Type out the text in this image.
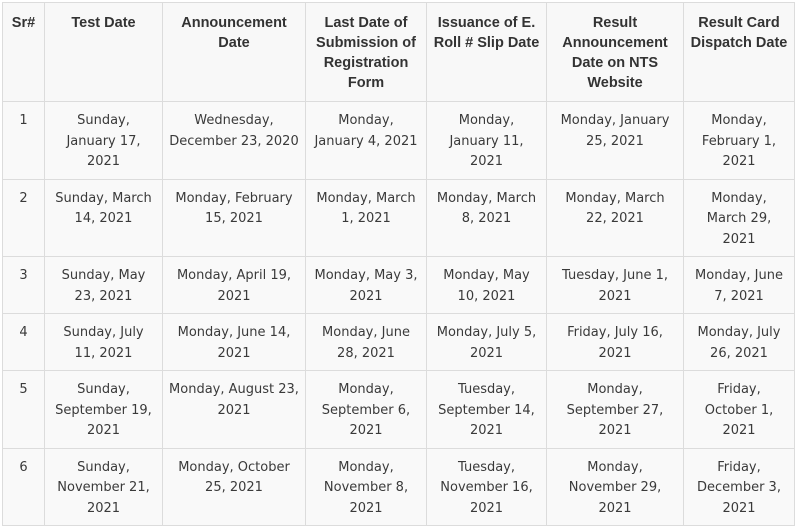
Sr#	Test Date	Announcement Date	Last Date of Submission of Registration Form	Issuance of E. Roll # Slip Date	Result Announcement Date on NTS Website	Result Card Dispatch Date
1	Sunday, January 17, 2021	Wednesday, December 23, 2020	Monday, January 4, 2021	Monday, January 11, 2021	Monday, January 25, 2021	Monday, February 1, 2021
2	Sunday, March 14, 2021	Monday, February 15, 2021	Monday, March 1, 2021	Monday, March 8, 2021	Monday, March 22, 2021	Monday, March 29, 2021
3	Sunday, May 23, 2021	Monday, April 19, 2021	Monday, May 3, 2021	Monday, May 10, 2021	Tuesday, June 1, 2021	Monday, June 7, 2021
4	Sunday, July 11, 2021	Monday, June 14, 2021	Monday, June 28, 2021	Monday, July 5, 2021	Friday, July 16, 2021	Monday, July 26, 2021
5	Sunday, September 19, 2021	Monday, August 23, 2021	Monday, September 6, 2021	Tuesday, September 14, 2021	Monday, September 27, 2021	Friday, October 1, 2021
6	Sunday, November 21, 2021	Monday, October 25, 2021	Monday, November 8, 2021	Tuesday, November 16, 2021	Monday, November 29, 2021	Friday, December 3, 2021
